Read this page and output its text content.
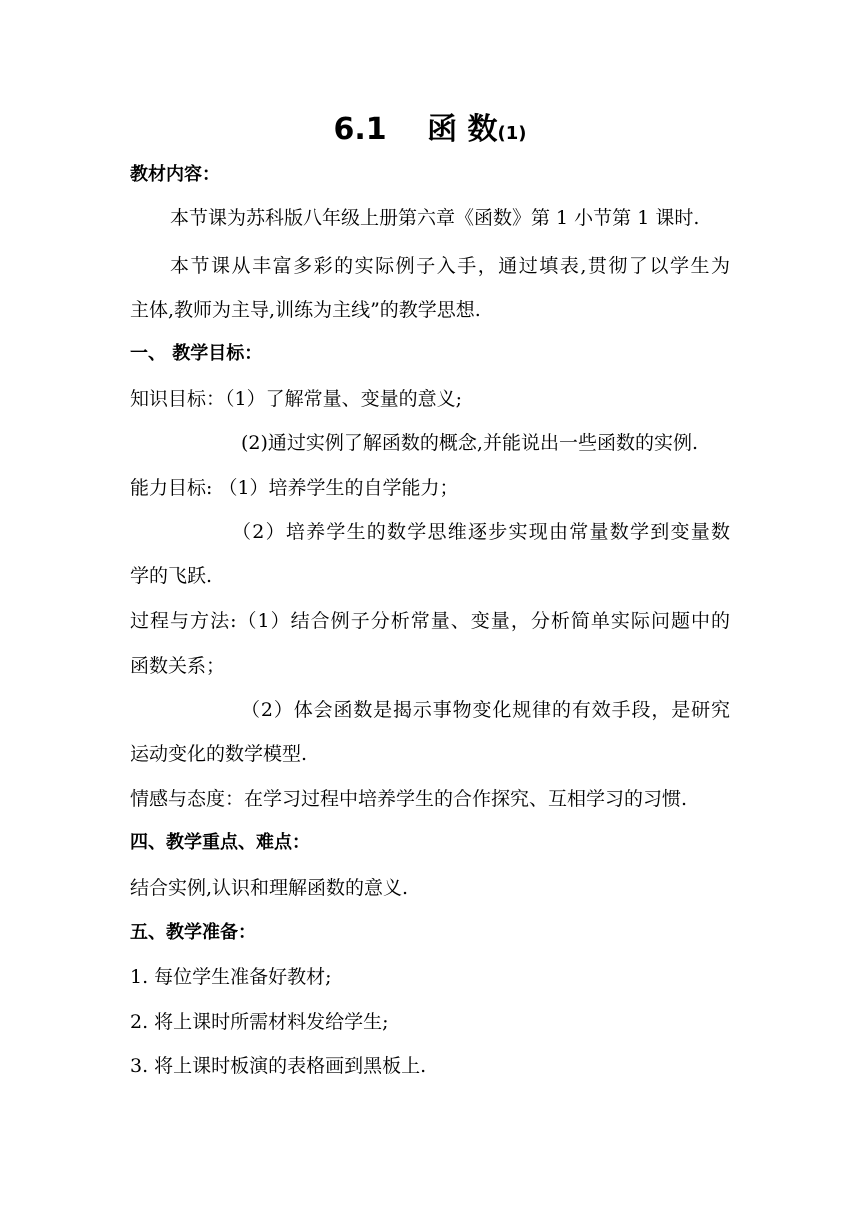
6.1　 函 数(1)
教材内容：
本节课为苏科版八年级上册第六章《函数》第 1 小节第 1 课时.
本节课从丰富多彩的实际例子入手，通过填表,贯彻了以学生为
主体,教师为主导,训练为主线”的教学思想.
一、 教学目标：
知识目标：（1）了解常量、变量的意义;
(2)通过实例了解函数的概念,并能说出一些函数的实例.
能力目标: （1）培养学生的自学能力；
（2）培养学生的数学思维逐步实现由常量数学到变量数
学的飞跃.
过程与方法:（1）结合例子分析常量、变量，分析简单实际问题中的
函数关系；
（2）体会函数是揭示事物变化规律的有效手段，是研究
运动变化的数学模型.
情感与态度：在学习过程中培养学生的合作探究、互相学习的习惯.
四、教学重点、难点：
结合实例,认识和理解函数的意义.
五、教学准备：
1. 每位学生准备好教材;
2. 将上课时所需材料发给学生;
3. 将上课时板演的表格画到黑板上.
